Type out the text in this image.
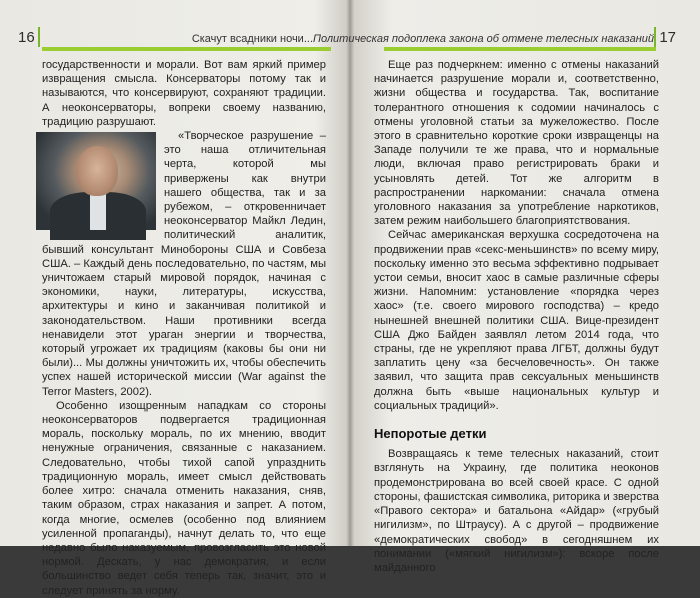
16	Скачут всадники ночи...

государственности и морали. Вот вам яркий пример извращения смысла. Консерваторы потому так и называются, что консервируют, сохраняют традиции. А неоконсерваторы, вопреки своему названию, традицию разрушают.

«Творческое разрушение – это наша отличительная черта, которой мы привержены как внутри нашего общества, так и за рубежом, – откровенничает неоконсерватор Майкл Ледин, политический аналитик, бывший консультант Минобороны США и Совбеза США. – Каждый день последовательно, по частям, мы уничтожаем старый мировой порядок, начиная с экономики, науки, литературы, искусства, архитектуры и кино и заканчивая политикой и законодательством. Наши противники всегда ненавидели этот ураган энергии и творчества, который угрожает их традициям (каковы бы они ни были)... Мы должны уничтожить их, чтобы обеспечить успех нашей исторической миссии (War against the Terror Masters, 2002).

Особенно изощренным нападкам со стороны неоконсерваторов подвергается традиционная мораль, поскольку мораль, по их мнению, вводит ненужные ограничения, связанные с наказанием. Следовательно, чтобы тихой сапой упразднить традиционную мораль, имеет смысл действовать более хитро: сначала отменить наказания, сняв, таким образом, страх наказания и запрет. А потом, когда многие, осмелев (особенно под влиянием усиленной пропаганды), начнут делать то, что еще недавно было наказуемым, провозгласить это новой нормой. Дескать, у нас демократия, и если большинство ведет себя теперь так, значит, это и следует принять за норму.

Политическая подоплека закона об отмене телесных наказаний 17

Еще раз подчеркнем: именно с отмены наказаний начинается разрушение морали и, соответственно, жизни общества и государства. Так, воспитание толерантного отношения к содомии начиналось с отмены уголовной статьи за мужеложество. После этого в сравнительно короткие сроки извращенцы на Западе получили те же права, что и нормальные люди, включая право регистрировать браки и усыновлять детей. Тот же алгоритм в распространении наркомании: сначала отмена уголовного наказания за употребление наркотиков, затем режим наибольшего благоприятствования.

Сейчас американская верхушка сосредоточена на продвижении прав «секс-меньшинств» по всему миру, поскольку именно это весьма эффективно подрывает устои семьи, вносит хаос в самые различные сферы жизни. Напомним: установление «порядка через хаос» (т.е. своего мирового господства) – кредо нынешней внешней политики США. Вице-президент США Джо Байден заявлял летом 2014 года, что страны, где не укрепляют права ЛГБТ, должны будут заплатить цену «за бесчеловечность». Он также заявил, что защита прав сексуальных меньшинств должна быть «выше национальных культур и социальных традиций».

Непоротые детки

Возвращаясь к теме телесных наказаний, стоит взглянуть на Украину, где политика неоконов продемонстрирована во всей своей красе. С одной стороны, фашистская символика, риторика и зверства «Правого сектора» и батальона «Айдар» («грубый нигилизм», по Штраусу). А с другой – продвижение «демократических свобод» в сегодняшнем их понимании («мягкий нигилизм»): вскоре после майданного
